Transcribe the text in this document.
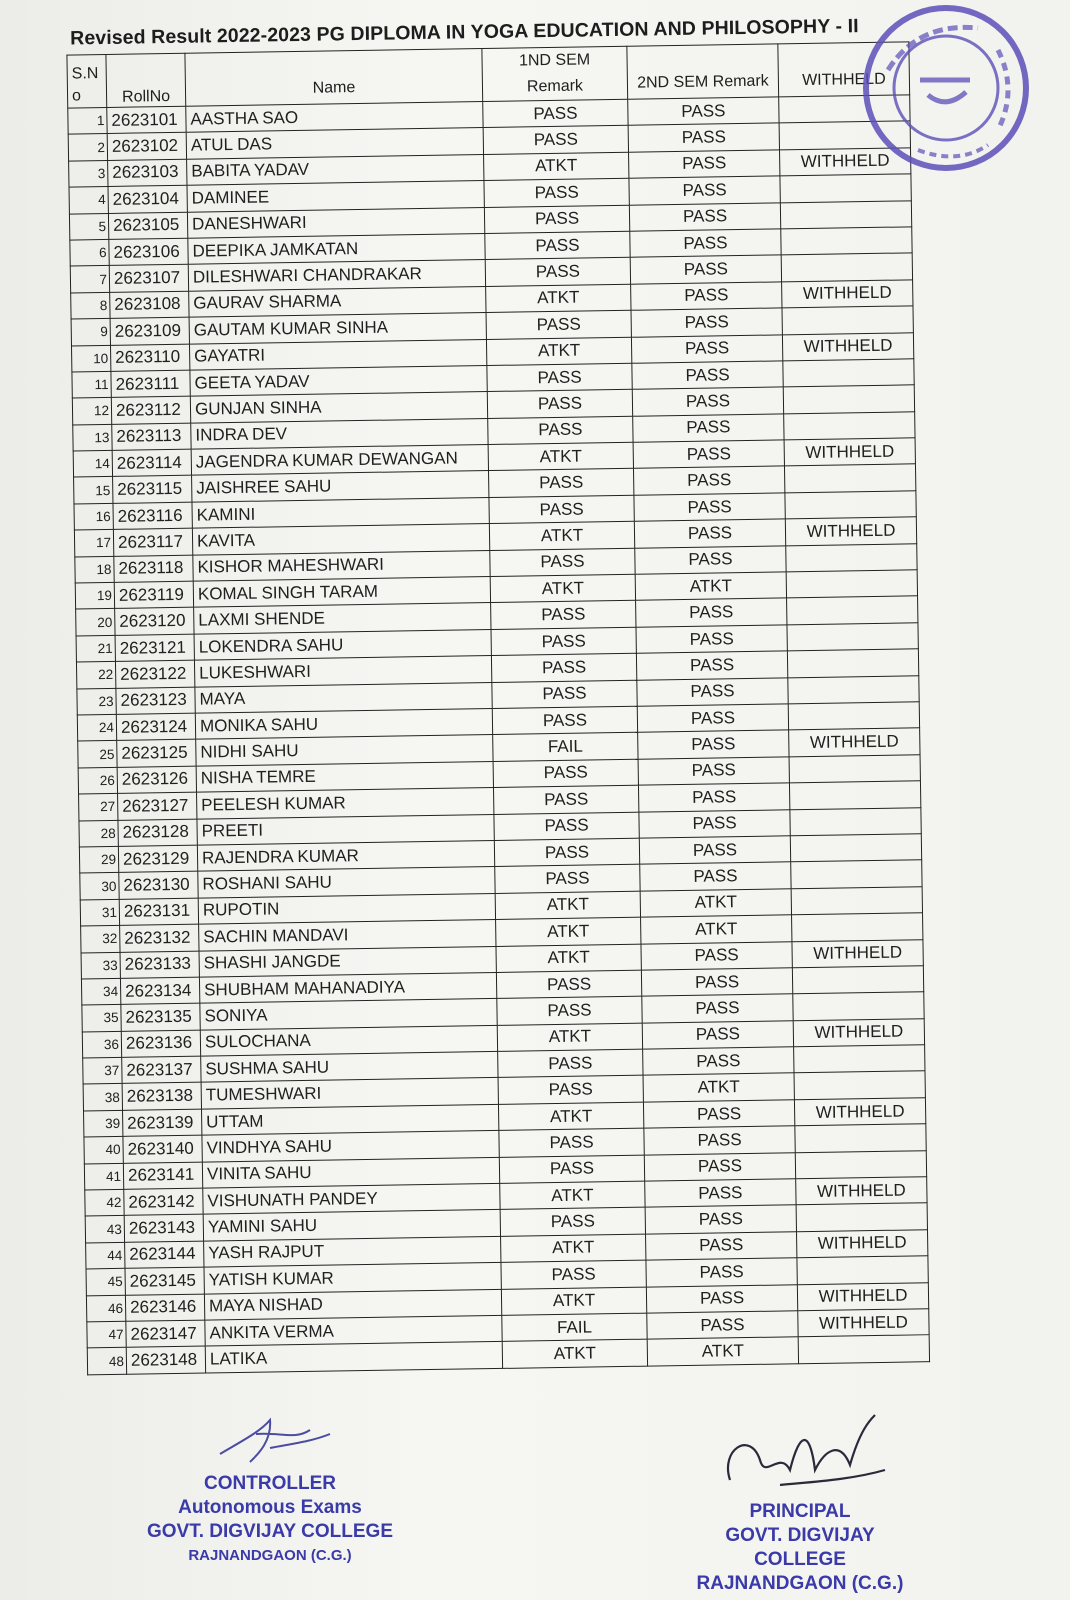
Revised Result 2022-2023 PG DIPLOMA IN YOGA EDUCATION AND PHILOSOPHY - II
S.N
o	RollNo	Name	1ND SEM
Remark	2ND SEM Remark	WITHHELD
1	2623101	AASTHA SAO	PASS	PASS	
2	2623102	ATUL DAS	PASS	PASS	
3	2623103	BABITA YADAV	ATKT	PASS	WITHHELD
4	2623104	DAMINEE	PASS	PASS	
5	2623105	DANESHWARI	PASS	PASS	
6	2623106	DEEPIKA JAMKATAN	PASS	PASS	
7	2623107	DILESHWARI CHANDRAKAR	PASS	PASS	
8	2623108	GAURAV SHARMA	ATKT	PASS	WITHHELD
9	2623109	GAUTAM KUMAR SINHA	PASS	PASS	
10	2623110	GAYATRI	ATKT	PASS	WITHHELD
11	2623111	GEETA YADAV	PASS	PASS	
12	2623112	GUNJAN SINHA	PASS	PASS	
13	2623113	INDRA DEV	PASS	PASS	
14	2623114	JAGENDRA KUMAR DEWANGAN	ATKT	PASS	WITHHELD
15	2623115	JAISHREE SAHU	PASS	PASS	
16	2623116	KAMINI	PASS	PASS	
17	2623117	KAVITA	ATKT	PASS	WITHHELD
18	2623118	KISHOR MAHESHWARI	PASS	PASS	
19	2623119	KOMAL SINGH TARAM	ATKT	ATKT	
20	2623120	LAXMI SHENDE	PASS	PASS	
21	2623121	LOKENDRA SAHU	PASS	PASS	
22	2623122	LUKESHWARI	PASS	PASS	
23	2623123	MAYA	PASS	PASS	
24	2623124	MONIKA SAHU	PASS	PASS	
25	2623125	NIDHI SAHU	FAIL	PASS	WITHHELD
26	2623126	NISHA TEMRE	PASS	PASS	
27	2623127	PEELESH KUMAR	PASS	PASS	
28	2623128	PREETI	PASS	PASS	
29	2623129	RAJENDRA KUMAR	PASS	PASS	
30	2623130	ROSHANI SAHU	PASS	PASS	
31	2623131	RUPOTIN	ATKT	ATKT	
32	2623132	SACHIN MANDAVI	ATKT	ATKT	
33	2623133	SHASHI JANGDE	ATKT	PASS	WITHHELD
34	2623134	SHUBHAM MAHANADIYA	PASS	PASS	
35	2623135	SONIYA	PASS	PASS	
36	2623136	SULOCHANA	ATKT	PASS	WITHHELD
37	2623137	SUSHMA SAHU	PASS	PASS	
38	2623138	TUMESHWARI	PASS	ATKT	
39	2623139	UTTAM	ATKT	PASS	WITHHELD
40	2623140	VINDHYA SAHU	PASS	PASS	
41	2623141	VINITA SAHU	PASS	PASS	
42	2623142	VISHUNATH PANDEY	ATKT	PASS	WITHHELD
43	2623143	YAMINI SAHU	PASS	PASS	
44	2623144	YASH RAJPUT	ATKT	PASS	WITHHELD
45	2623145	YATISH KUMAR	PASS	PASS	
46	2623146	MAYA NISHAD	ATKT	PASS	WITHHELD
47	2623147	ANKITA VERMA	FAIL	PASS	WITHHELD
48	2623148	LATIKA	ATKT	ATKT	
CONTROLLER
Autonomous Exams
GOVT. DIGVIJAY COLLEGE
RAJNANDGAON (C.G.)
PRINCIPAL
GOVT. DIGVIJAY COLLEGE
RAJNANDGAON (C.G.)
